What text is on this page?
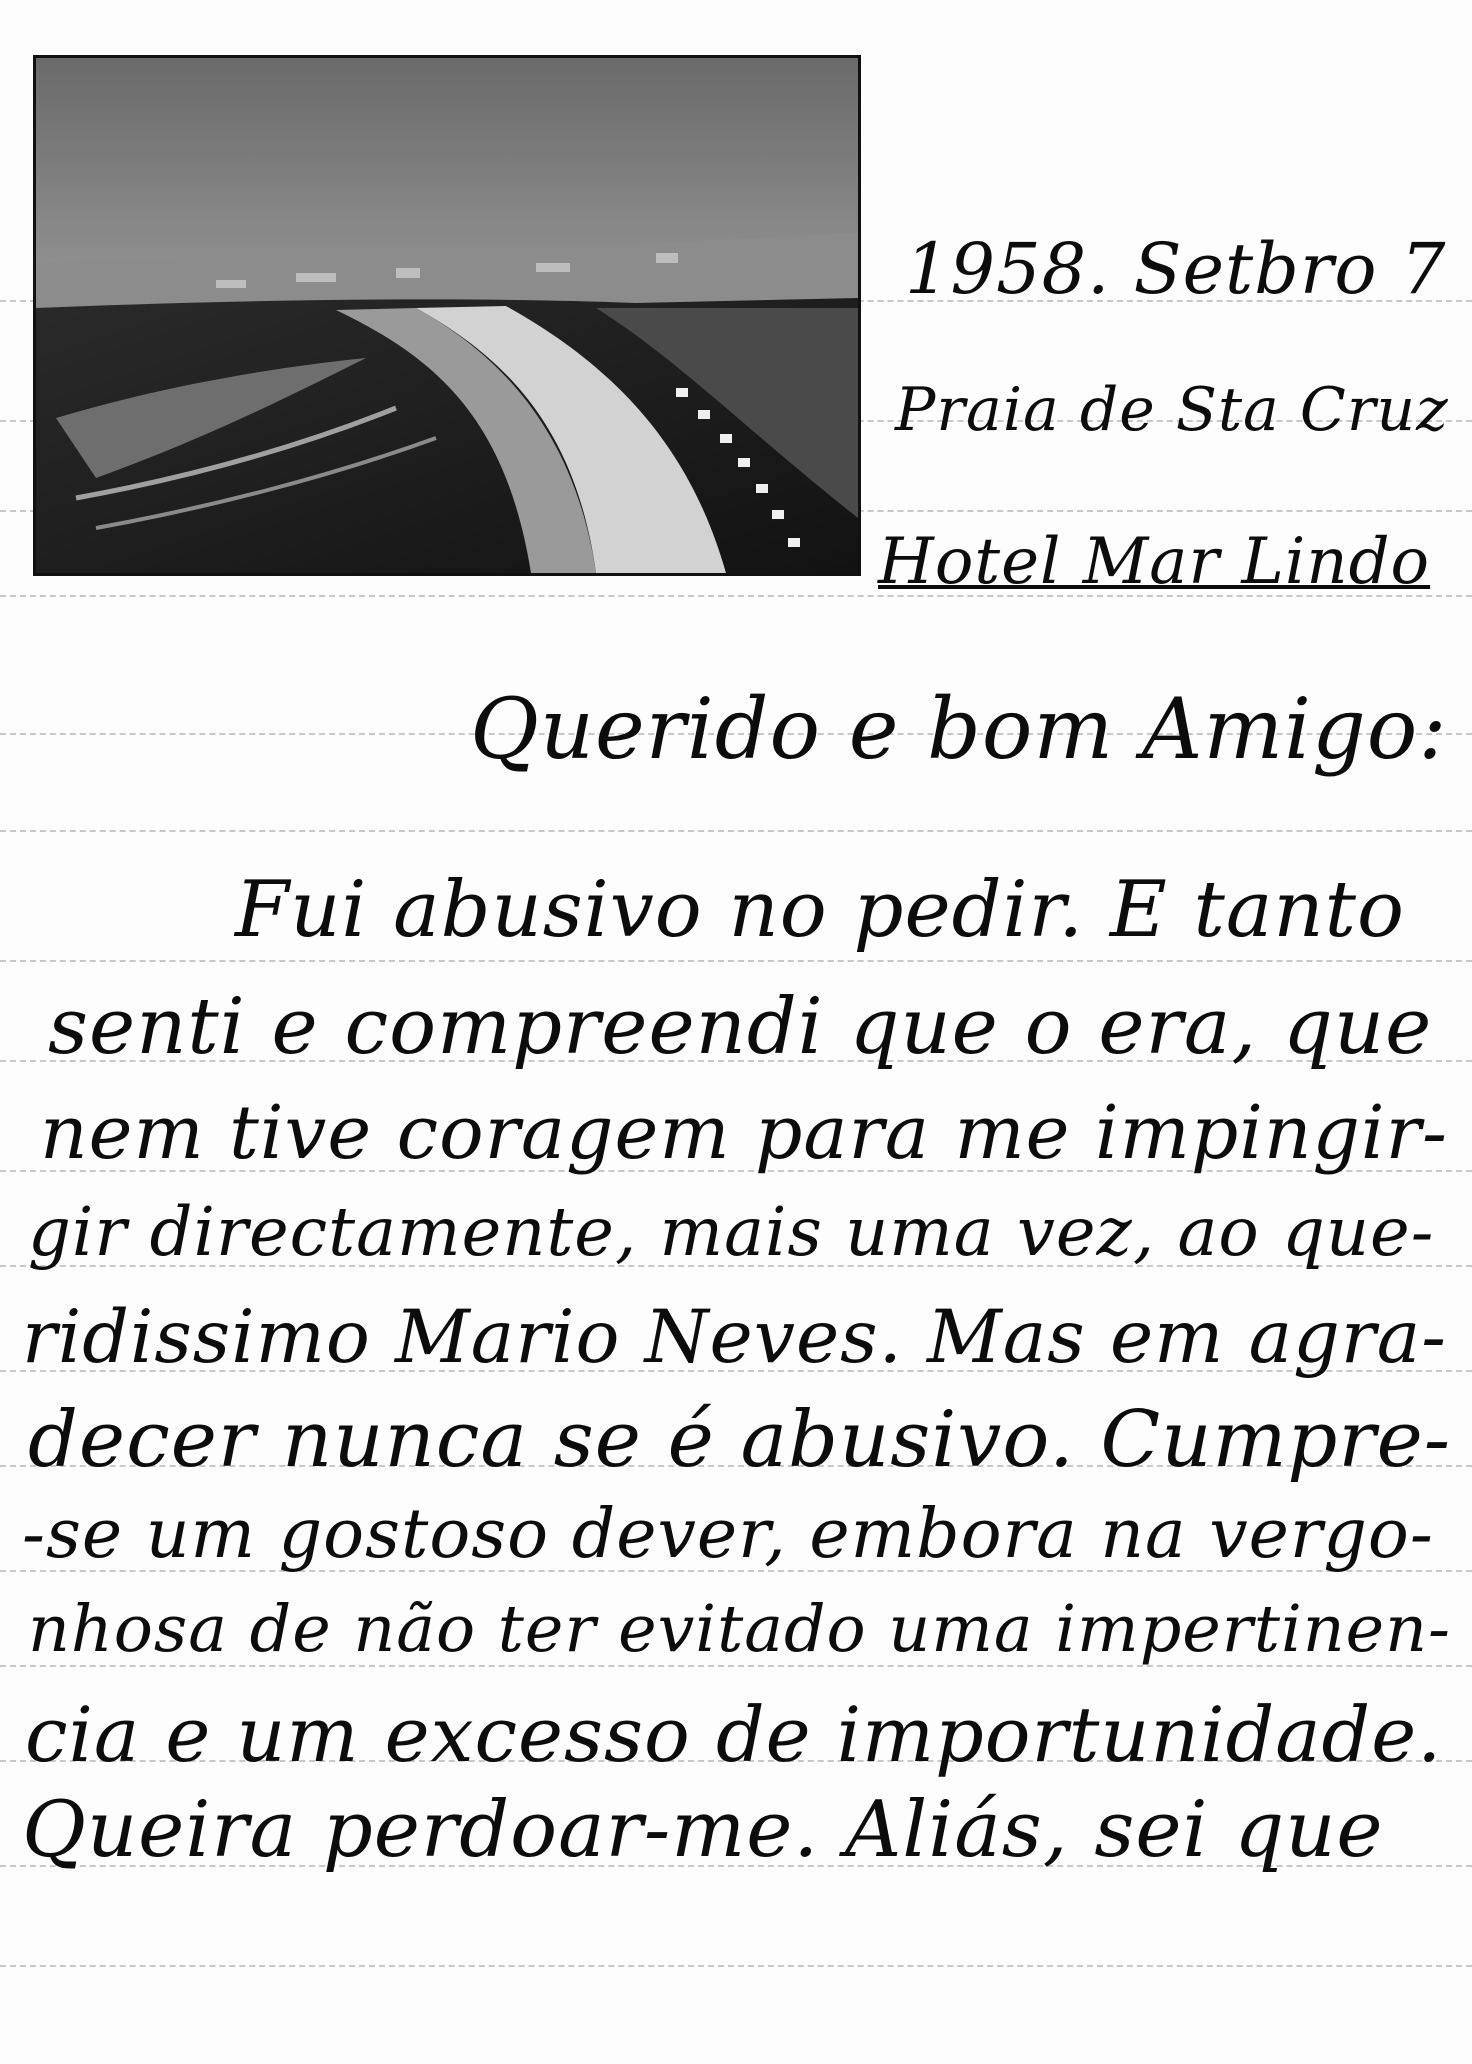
1958. Setbro 7
Praia de Sta Cruz
Hotel Mar Lindo
Querido e bom Amigo:
Fui abusivo no pedir. E tanto
senti e compreendi que o era, que
nem tive coragem para me impingir-
gir directamente, mais uma vez, ao que-
ridissimo Mario Neves. Mas em agra-
decer nunca se é abusivo. Cumpre-
-se um gostoso dever, embora na vergo-
nhosa de não ter evitado uma impertinen-
cia e um excesso de importunidade.
Queira perdoar-me. Aliás, sei que
